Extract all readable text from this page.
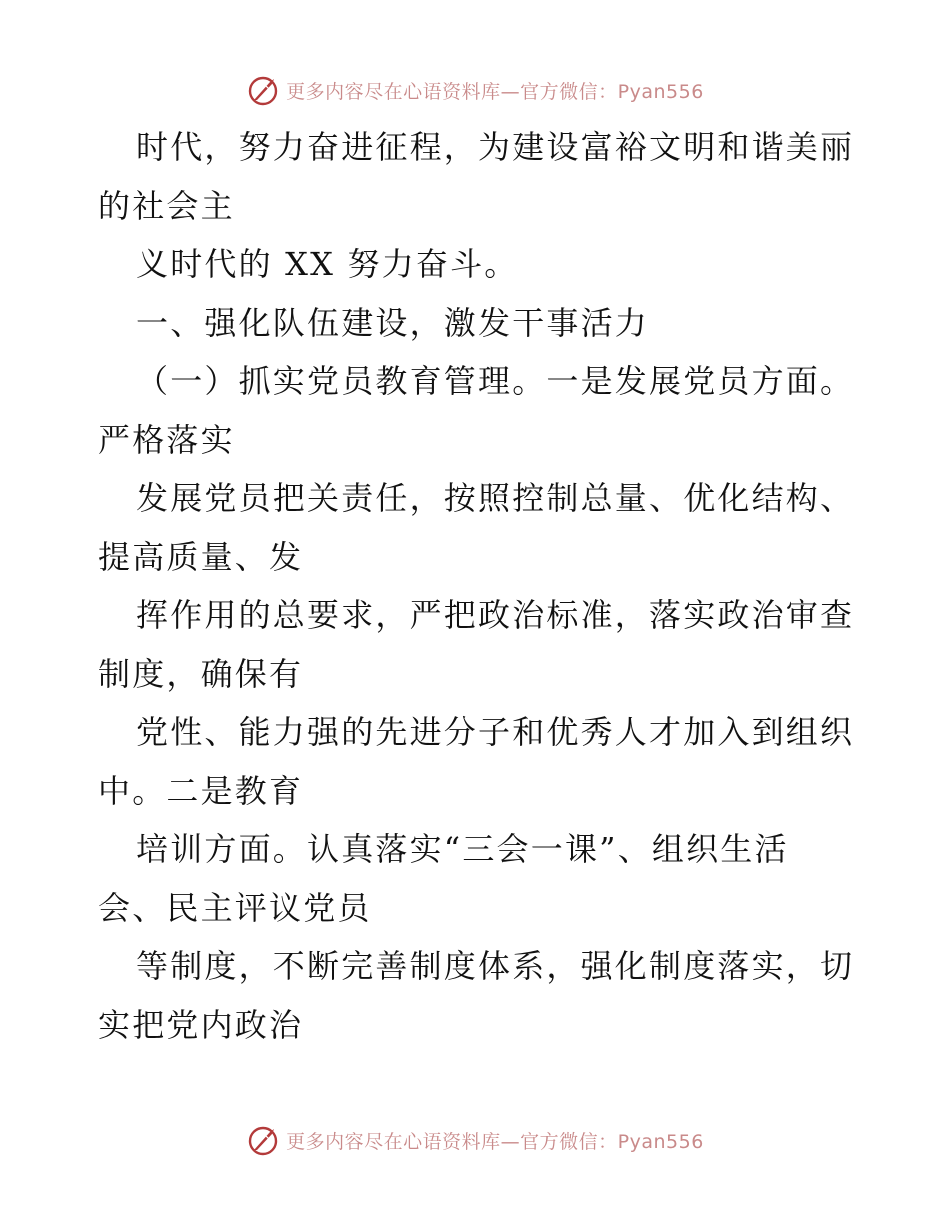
更多内容尽在心语资料库—官方微信：Pyan556
时代，努力奋进征程，为建设富裕文明和谐美丽
的社会主
义时代的 XX 努力奋斗。
一、强化队伍建设，激发干事活力
（一）抓实党员教育管理。一是发展党员方面。
严格落实
发展党员把关责任，按照控制总量、优化结构、
提高质量、发
挥作用的总要求，严把政治标准，落实政治审查
制度，确保有
党性、能力强的先进分子和优秀人才加入到组织
中。二是教育
培训方面。认真落实“三会一课”、组织生活
会、民主评议党员
等制度，不断完善制度体系，强化制度落实，切
实把党内政治
更多内容尽在心语资料库—官方微信：Pyan556
